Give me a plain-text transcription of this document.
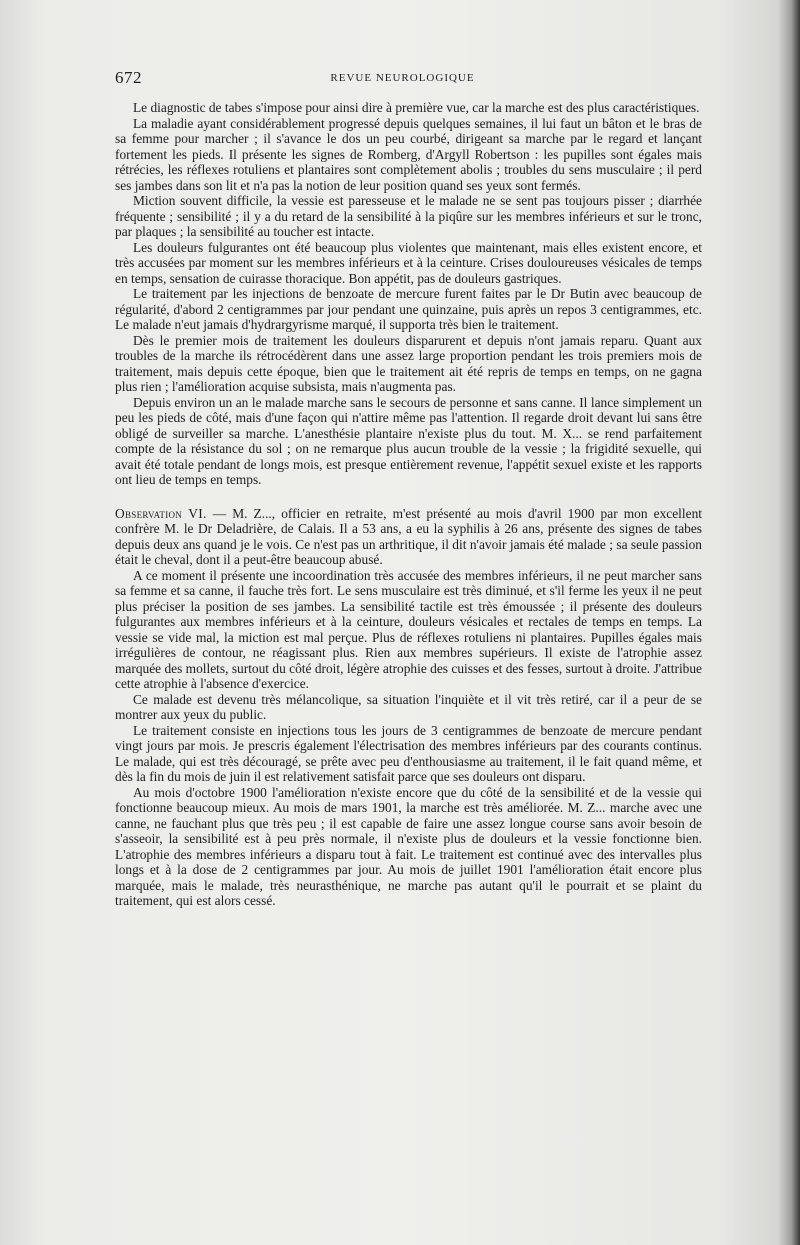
672	REVUE NEUROLOGIQUE

Le diagnostic de tabes s'impose pour ainsi dire à première vue, car la marche est des plus caractéristiques.

La maladie ayant considérablement progressé depuis quelques semaines, il lui faut un bâton et le bras de sa femme pour marcher ; il s'avance le dos un peu courbé, dirigeant sa marche par le regard et lançant fortement les pieds. Il présente les signes de Romberg, d'Argyll Robertson : les pupilles sont égales mais rétrécies, les réflexes rotuliens et plantaires sont complètement abolis ; troubles du sens musculaire ; il perd ses jambes dans son lit et n'a pas la notion de leur position quand ses yeux sont fermés.

Miction souvent difficile, la vessie est paresseuse et le malade ne se sent pas toujours pisser ; diarrhée fréquente ; sensibilité ; il y a du retard de la sensibilité à la piqûre sur les membres inférieurs et sur le tronc, par plaques ; la sensibilité au toucher est intacte.

Les douleurs fulgurantes ont été beaucoup plus violentes que maintenant, mais elles existent encore, et très accusées par moment sur les membres inférieurs et à la ceinture. Crises douloureuses vésicales de temps en temps, sensation de cuirasse thoracique. Bon appétit, pas de douleurs gastriques.

Le traitement par les injections de benzoate de mercure furent faites par le Dr Butin avec beaucoup de régularité, d'abord 2 centigrammes par jour pendant une quinzaine, puis après un repos 3 centigrammes, etc. Le malade n'eut jamais d'hydrargyrisme marqué, il supporta très bien le traitement.

Dès le premier mois de traitement les douleurs disparurent et depuis n'ont jamais reparu. Quant aux troubles de la marche ils rétrocédèrent dans une assez large proportion pendant les trois premiers mois de traitement, mais depuis cette époque, bien que le traitement ait été repris de temps en temps, on ne gagna plus rien ; l'amélioration acquise subsista, mais n'augmenta pas.

Depuis environ un an le malade marche sans le secours de personne et sans canne. Il lance simplement un peu les pieds de côté, mais d'une façon qui n'attire même pas l'attention. Il regarde droit devant lui sans être obligé de surveiller sa marche. L'anesthésie plantaire n'existe plus du tout. M. X... se rend parfaitement compte de la résistance du sol ; on ne remarque plus aucun trouble de la vessie ; la frigidité sexuelle, qui avait été totale pendant de longs mois, est presque entièrement revenue, l'appétit sexuel existe et les rapports ont lieu de temps en temps.

Observation VI. — M. Z..., officier en retraite, m'est présenté au mois d'avril 1900 par mon excellent confrère M. le Dr Deladrière, de Calais. Il a 53 ans, a eu la syphilis à 26 ans, présente des signes de tabes depuis deux ans quand je le vois. Ce n'est pas un arthritique, il dit n'avoir jamais été malade ; sa seule passion était le cheval, dont il a peut-être beaucoup abusé.

A ce moment il présente une incoordination très accusée des membres inférieurs, il ne peut marcher sans sa femme et sa canne, il fauche très fort. Le sens musculaire est très diminué, et s'il ferme les yeux il ne peut plus préciser la position de ses jambes. La sensibilité tactile est très émoussée ; il présente des douleurs fulgurantes aux membres inférieurs et à la ceinture, douleurs vésicales et rectales de temps en temps. La vessie se vide mal, la miction est mal perçue. Plus de réflexes rotuliens ni plantaires. Pupilles égales mais irrégulières de contour, ne réagissant plus. Rien aux membres supérieurs. Il existe de l'atrophie assez marquée des mollets, surtout du côté droit, légère atrophie des cuisses et des fesses, surtout à droite. J'attribue cette atrophie à l'absence d'exercice.

Ce malade est devenu très mélancolique, sa situation l'inquiète et il vit très retiré, car il a peur de se montrer aux yeux du public.

Le traitement consiste en injections tous les jours de 3 centigrammes de benzoate de mercure pendant vingt jours par mois. Je prescris également l'électrisation des membres inférieurs par des courants continus. Le malade, qui est très découragé, se prête avec peu d'enthousiasme au traitement, il le fait quand même, et dès la fin du mois de juin il est relativement satisfait parce que ses douleurs ont disparu.

Au mois d'octobre 1900 l'amélioration n'existe encore que du côté de la sensibilité et de la vessie qui fonctionne beaucoup mieux. Au mois de mars 1901, la marche est très améliorée. M. Z... marche avec une canne, ne fauchant plus que très peu ; il est capable de faire une assez longue course sans avoir besoin de s'asseoir, la sensibilité est à peu près normale, il n'existe plus de douleurs et la vessie fonctionne bien. L'atrophie des membres inférieurs a disparu tout à fait. Le traitement est continué avec des intervalles plus longs et à la dose de 2 centigrammes par jour. Au mois de juillet 1901 l'amélioration était encore plus marquée, mais le malade, très neurasthénique, ne marche pas autant qu'il le pourrait et se plaint du traitement, qui est alors cessé.
